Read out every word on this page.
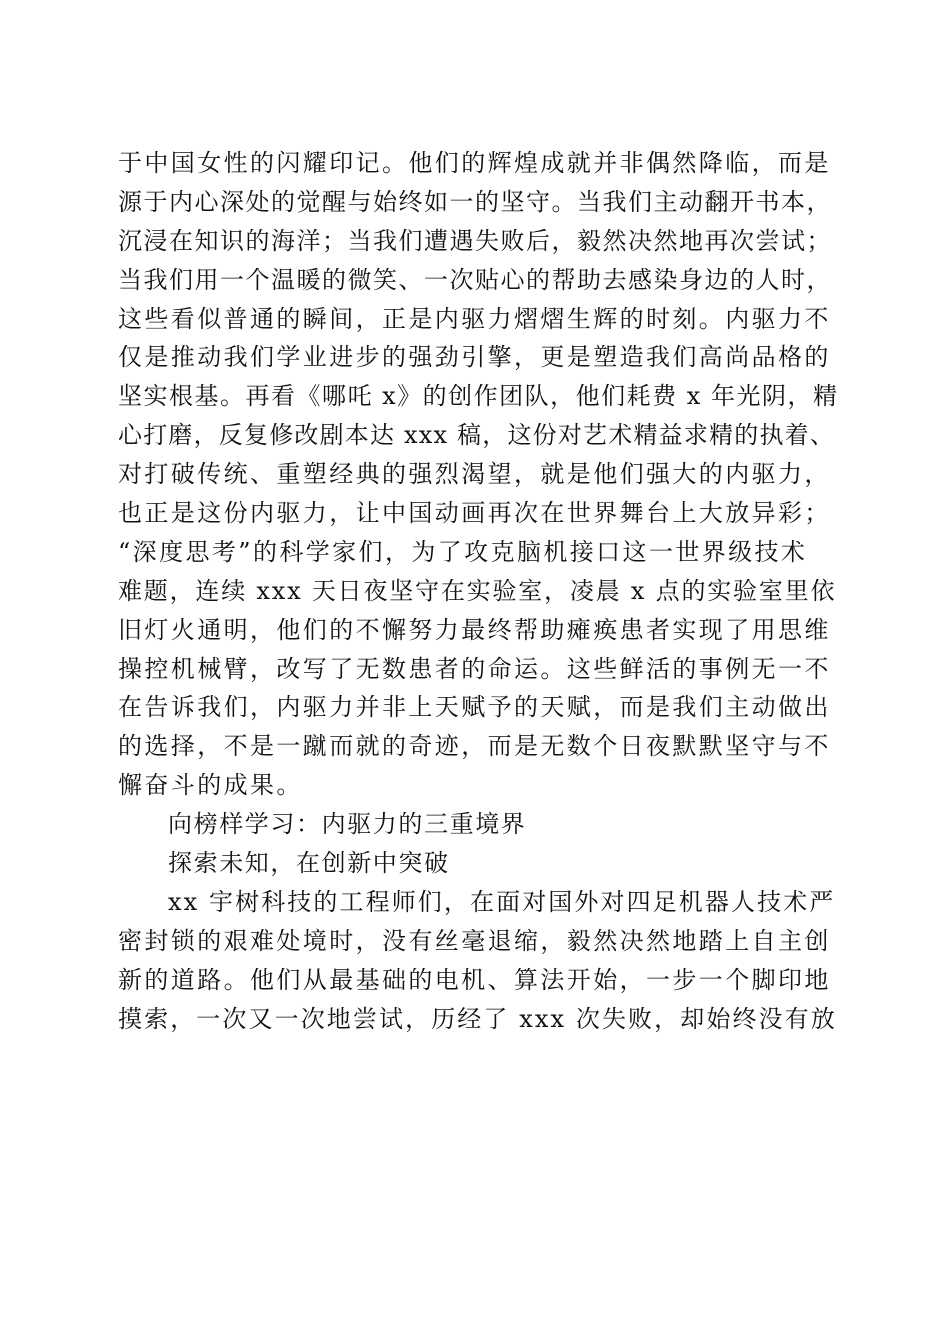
于中国女性的闪耀印记。他们的辉煌成就并非偶然降临，而是
源于内心深处的觉醒与始终如一的坚守。当我们主动翻开书本，
沉浸在知识的海洋；当我们遭遇失败后，毅然决然地再次尝试；
当我们用一个温暖的微笑、一次贴心的帮助去感染身边的人时，
这些看似普通的瞬间，正是内驱力熠熠生辉的时刻。内驱力不
仅是推动我们学业进步的强劲引擎，更是塑造我们高尚品格的
坚实根基。再看《哪吒 x》的创作团队，他们耗费 x 年光阴，精
心打磨，反复修改剧本达 xxx 稿，这份对艺术精益求精的执着、
对打破传统、重塑经典的强烈渴望，就是他们强大的内驱力，
也正是这份内驱力，让中国动画再次在世界舞台上大放异彩；
“深度思考”的科学家们，为了攻克脑机接口这一世界级技术
难题，连续 xxx 天日夜坚守在实验室，凌晨 x 点的实验室里依
旧灯火通明，他们的不懈努力最终帮助瘫痪患者实现了用思维
操控机械臂，改写了无数患者的命运。这些鲜活的事例无一不
在告诉我们，内驱力并非上天赋予的天赋，而是我们主动做出
的选择，不是一蹴而就的奇迹，而是无数个日夜默默坚守与不
懈奋斗的成果。
向榜样学习：内驱力的三重境界
探索未知，在创新中突破
xx 宇树科技的工程师们，在面对国外对四足机器人技术严
密封锁的艰难处境时，没有丝毫退缩，毅然决然地踏上自主创
新的道路。他们从最基础的电机、算法开始，一步一个脚印地
摸索，一次又一次地尝试，历经了 xxx 次失败，却始终没有放
